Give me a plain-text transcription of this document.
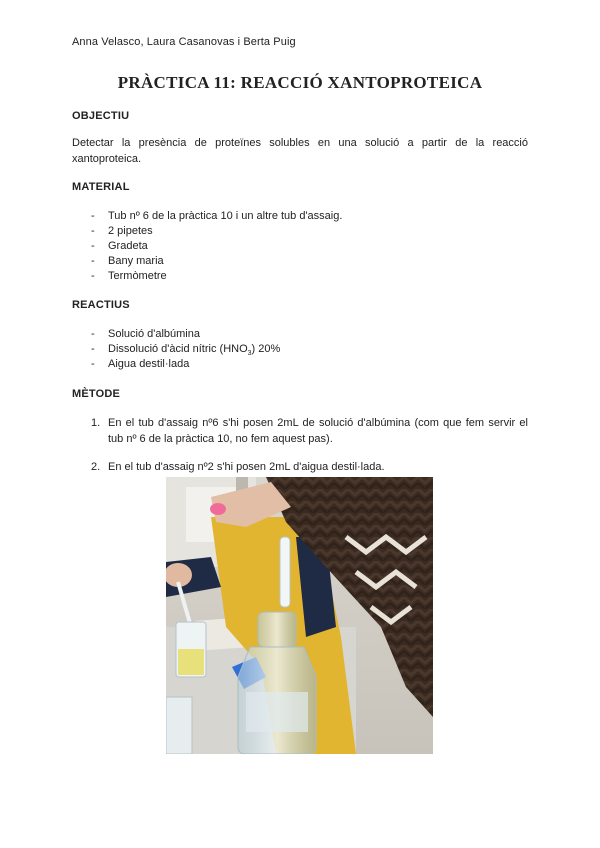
Anna Velasco, Laura Casanovas i Berta Puig
PRÀCTICA 11: REACCIÓ XANTOPROTEICA
OBJECTIU
Detectar la presència de proteïnes solubles en una solució a partir de la reacció xantoproteica.
MATERIAL
- Tub nº 6 de la pràctica 10 i un altre tub d'assaig.
- 2 pipetes
- Gradeta
- Bany maria
- Termòmetre
REACTIUS
- Solució d'albúmina
- Dissolució d'àcid nítric $(HNO_3)$ 20%
- Aigua destil·lada
MÈTODE
1. En el tub d'assaig nº6 s'hi posen 2mL de solució d'albúmina (com que fem servir el tub nº 6 de la pràctica 10, no fem aquest pas).
2. En el tub d'assaig nº2 s'hi posen 2mL d'aigua destil·lada.
